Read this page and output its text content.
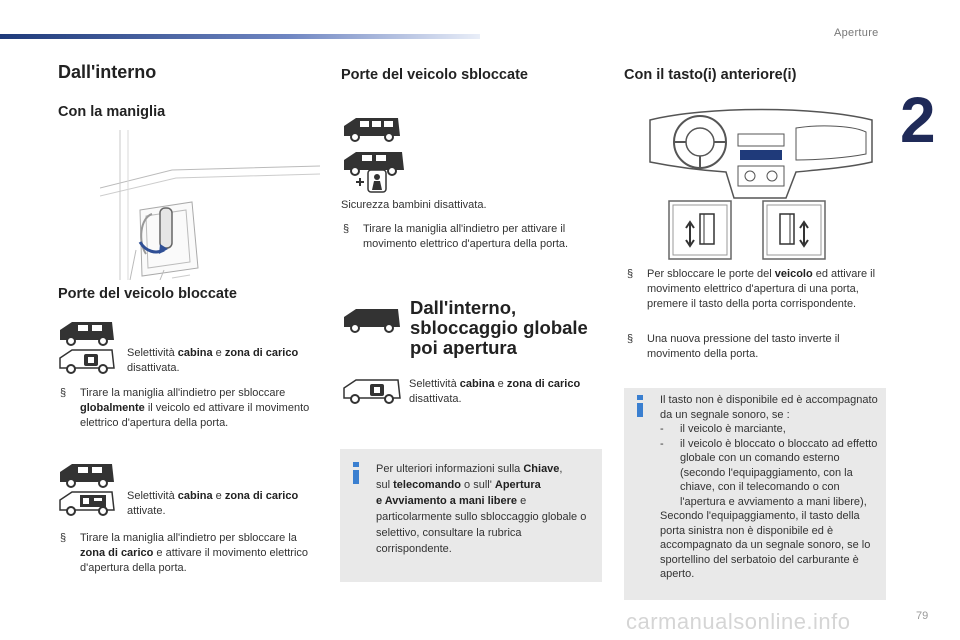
Aperture
2
Dall'interno
Con la maniglia
Porte del veicolo bloccate
Selettività cabina e zona di carico disattivata.
§ Tirare la maniglia all'indietro per sbloccare globalmente il veicolo ed attivare il movimento elettrico d'apertura della porta.
Selettività cabina e zona di carico attivate.
§ Tirare la maniglia all'indietro per sbloccare la zona di carico e attivare il movimento elettrico d'apertura della porta.
Porte del veicolo sbloccate
Sicurezza bambini disattivata.
§ Tirare la maniglia all'indietro per attivare il movimento elettrico d'apertura della porta.
Dall'interno,
sbloccaggio globale
poi apertura
Selettività cabina e zona di carico disattivata.
Per ulteriori informazioni sulla Chiave,
sul telecomando o sull' Apertura
e Avviamento a mani libere e
particolarmente sullo sbloccaggio globale o selettivo, consultare la rubrica corrispondente.
Con il tasto(i) anteriore(i)
§ Per sbloccare le porte del veicolo ed attivare il movimento elettrico d'apertura di una porta, premere il tasto della porta corrispondente.
§ Una nuova pressione del tasto inverte il movimento della porta.
Il tasto non è disponibile ed è accompagnato da un segnale sonoro, se :
- il veicolo è marciante,
- il veicolo è bloccato o bloccato ad effetto globale con un comando esterno (secondo l'equipaggiamento, con la chiave, con il telecomando o con l'apertura e avviamento a mani libere),
Secondo l'equipaggiamento, il tasto della porta sinistra non è disponibile ed è accompagnato da un segnale sonoro, se lo sportellino del serbatoio del carburante è aperto.
carmanualsonline.info	79
